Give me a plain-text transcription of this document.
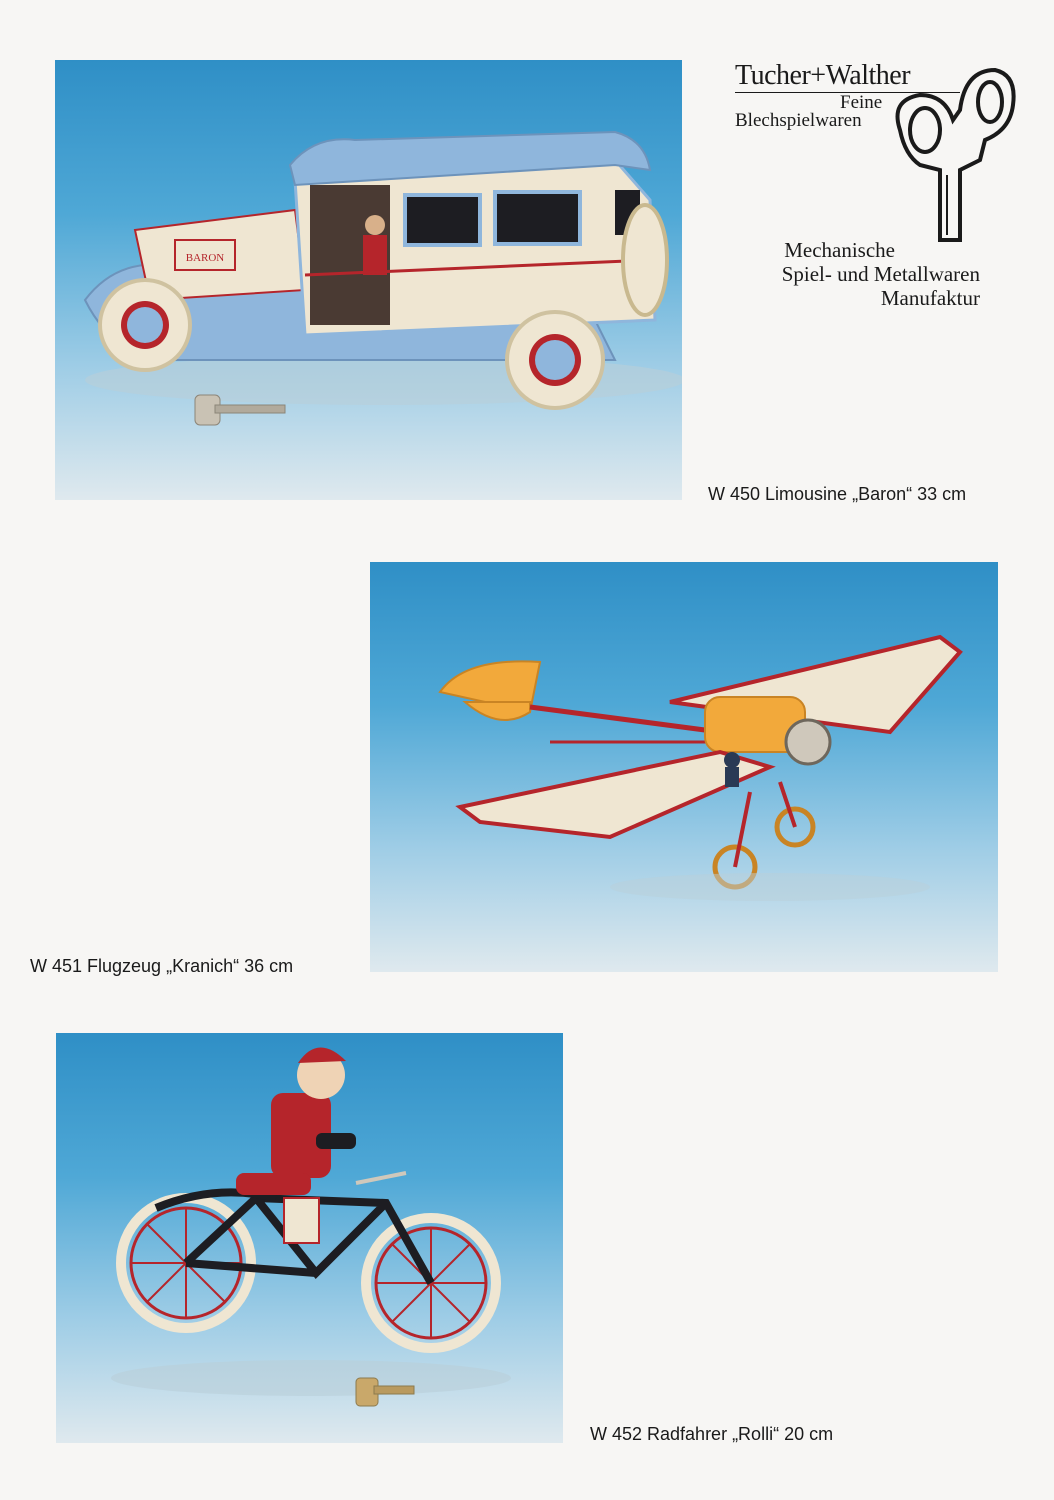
BARON
Tucher+Walther
Feine
Blechspielwaren
Mechanische
Spiel- und Metallwaren
Manufaktur
W 450 Limousine „Baron“ 33 cm
W 451 Flugzeug „Kranich“ 36 cm
W 452 Radfahrer „Rolli“ 20 cm
